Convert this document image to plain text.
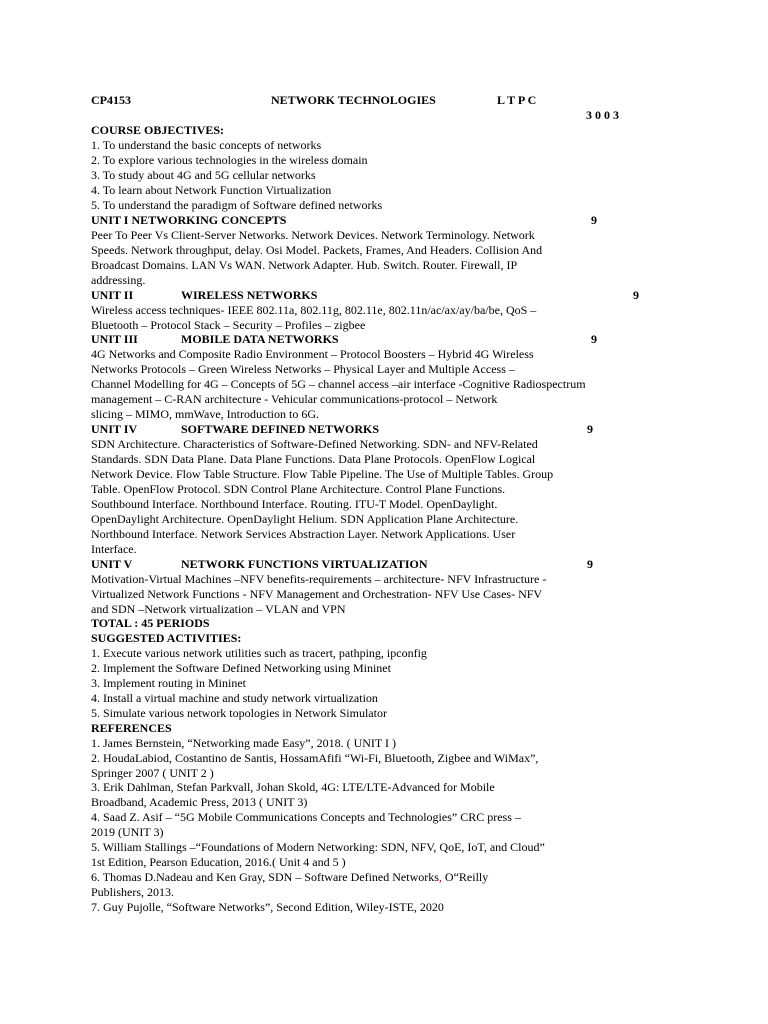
CP4153	NETWORK TECHNOLOGIES	L T P C
3 0 0 3
COURSE OBJECTIVES:
1. To understand the basic concepts of networks
2. To explore various technologies in the wireless domain
3. To study about 4G and 5G cellular networks
4. To learn about Network Function Virtualization
5. To understand the paradigm of Software defined networks
UNIT I NETWORKING CONCEPTS	9
Peer To Peer Vs Client-Server Networks. Network Devices. Network Terminology. Network
Speeds. Network throughput, delay. Osi Model. Packets, Frames, And Headers. Collision And
Broadcast Domains. LAN Vs WAN. Network Adapter. Hub. Switch. Router. Firewall, IP
addressing.
UNIT II	WIRELESS NETWORKS	9
Wireless access techniques- IEEE 802.11a, 802.11g, 802.11e, 802.11n/ac/ax/ay/ba/be, QoS –
Bluetooth – Protocol Stack – Security – Profiles – zigbee
UNIT III	MOBILE DATA NETWORKS	9
4G Networks and Composite Radio Environment – Protocol Boosters – Hybrid 4G Wireless
Networks Protocols – Green Wireless Networks – Physical Layer and Multiple Access –
Channel Modelling for 4G – Concepts of 5G – channel access –air interface -Cognitive Radiospectrum
management – C-RAN architecture - Vehicular communications-protocol – Network
slicing – MIMO, mmWave, Introduction to 6G.
UNIT IV	SOFTWARE DEFINED NETWORKS	9
SDN Architecture. Characteristics of Software-Defined Networking. SDN- and NFV-Related
Standards. SDN Data Plane. Data Plane Functions. Data Plane Protocols. OpenFlow Logical
Network Device. Flow Table Structure. Flow Table Pipeline. The Use of Multiple Tables. Group
Table. OpenFlow Protocol. SDN Control Plane Architecture. Control Plane Functions.
Southbound Interface. Northbound Interface. Routing. ITU-T Model. OpenDaylight.
OpenDaylight Architecture. OpenDaylight Helium. SDN Application Plane Architecture.
Northbound Interface. Network Services Abstraction Layer. Network Applications. User
Interface.
UNIT V	NETWORK FUNCTIONS VIRTUALIZATION	9
Motivation-Virtual Machines –NFV benefits-requirements – architecture- NFV Infrastructure -
Virtualized Network Functions - NFV Management and Orchestration- NFV Use Cases- NFV
and SDN –Network virtualization – VLAN and VPN
TOTAL : 45 PERIODS
SUGGESTED ACTIVITIES:
1. Execute various network utilities such as tracert, pathping, ipconfig
2. Implement the Software Defined Networking using Mininet
3. Implement routing in Mininet
4. Install a virtual machine and study network virtualization
5. Simulate various network topologies in Network Simulator
REFERENCES
1. James Bernstein, “Networking made Easy”, 2018. ( UNIT I )
2. HoudaLabiod, Costantino de Santis, HossamAfifi “Wi-Fi, Bluetooth, Zigbee and WiMax”,
Springer 2007 ( UNIT 2 )
3. Erik Dahlman, Stefan Parkvall, Johan Skold, 4G: LTE/LTE-Advanced for Mobile
Broadband, Academic Press, 2013 ( UNIT 3)
4. Saad Z. Asif – “5G Mobile Communications Concepts and Technologies” CRC press –
2019 (UNIT 3)
5. William Stallings –“Foundations of Modern Networking: SDN, NFV, QoE, IoT, and Cloud”
1st Edition, Pearson Education, 2016.( Unit 4 and 5 )
6. Thomas D.Nadeau and Ken Gray, SDN – Software Defined Networks, O“Reilly
Publishers, 2013.
7. Guy Pujolle, “Software Networks”, Second Edition, Wiley-ISTE, 2020
